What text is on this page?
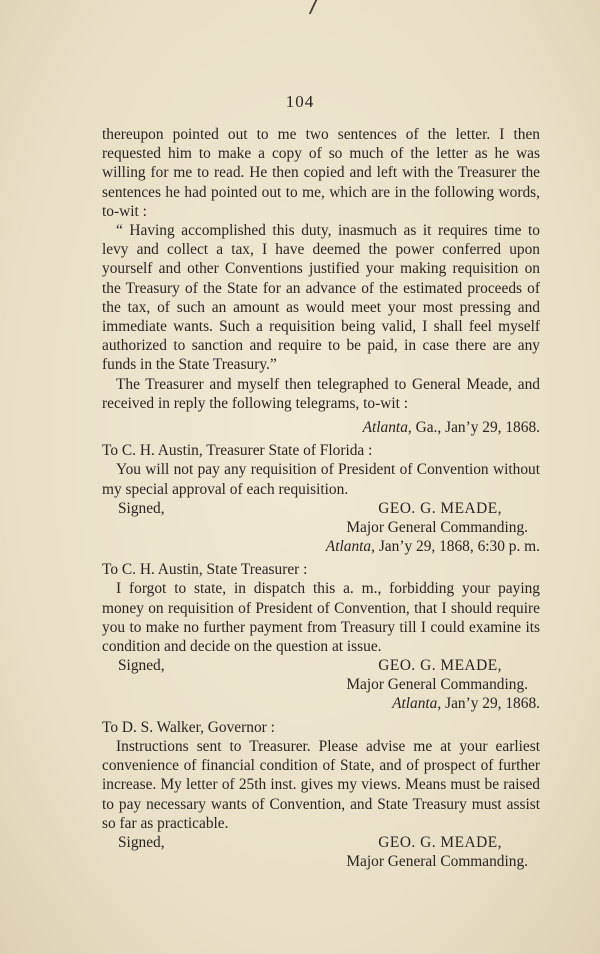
104

thereupon pointed out to me two sentences of the letter. I then requested him to make a copy of so much of the letter as he was willing for me to read. He then copied and left with the Treasurer the sentences he had pointed out to me, which are in the following words, to-wit :

“ Having accomplished this duty, inasmuch as it requires time to levy and collect a tax, I have deemed the power conferred upon yourself and other Conventions justified your making requisition on the Treasury of the State for an advance of the estimated proceeds of the tax, of such an amount as would meet your most pressing and immediate wants. Such a requisition being valid, I shall feel myself authorized to sanction and require to be paid, in case there are any funds in the State Treasury.”

The Treasurer and myself then telegraphed to General Meade, and received in reply the following telegrams, to-wit :

Atlanta, Ga., Jan’y 29, 1868.

To C. H. Austin, Treasurer State of Florida :

You will not pay any requisition of President of Convention without my special approval of each requisition.

Signed,	GEO. G. MEADE,

Major General Commanding.

Atlanta, Jan’y 29, 1868, 6:30 p. m.

To C. H. Austin, State Treasurer :

I forgot to state, in dispatch this a. m., forbidding your paying money on requisition of President of Convention, that I should require you to make no further payment from Treasury till I could examine its condition and decide on the question at issue.

Signed,	GEO. G. MEADE,

Major General Commanding.

Atlanta, Jan’y 29, 1868.

To D. S. Walker, Governor :

Instructions sent to Treasurer. Please advise me at your earliest convenience of financial condition of State, and of prospect of further increase. My letter of 25th inst. gives my views. Means must be raised to pay necessary wants of Convention, and State Treasury must assist so far as practicable.

Signed,	GEO. G. MEADE,

Major General Commanding.
